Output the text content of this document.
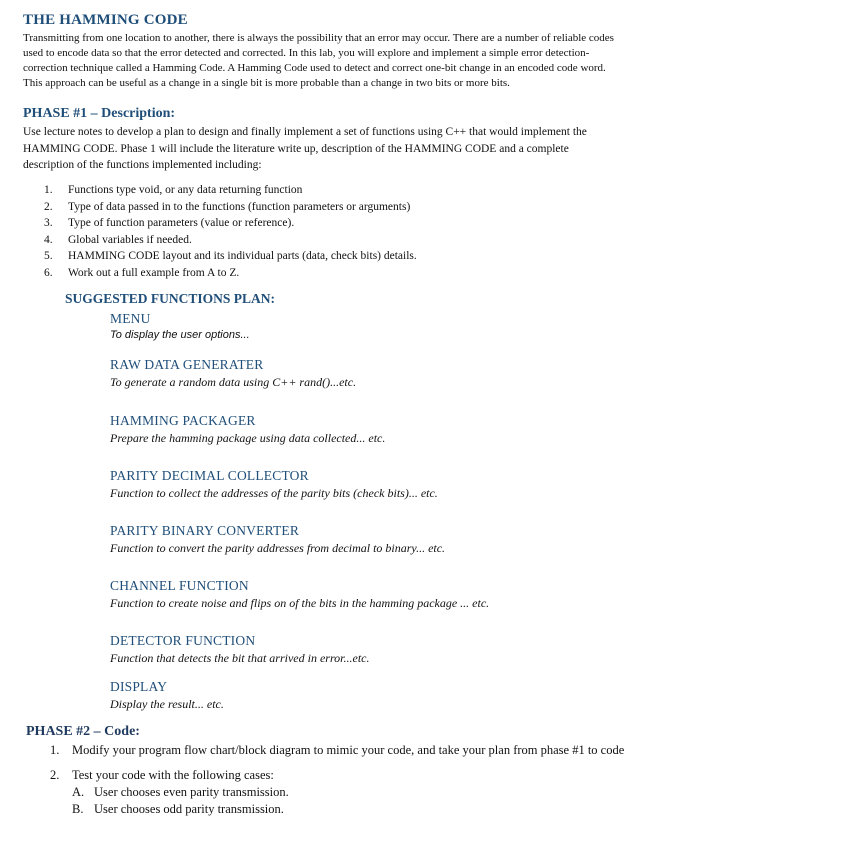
THE HAMMING CODE
Transmitting from one location to another, there is always the possibility that an error may occur. There are a number of reliable codes
used to encode data so that the error detected and corrected. In this lab, you will explore and implement a simple error detection-
correction technique called a Hamming Code. A Hamming Code used to detect and correct one-bit change in an encoded code word.
This approach can be useful as a change in a single bit is more probable than a change in two bits or more bits.
PHASE #1 – Description:
Use lecture notes to develop a plan to design and finally implement a set of functions using C++ that would implement the
HAMMING CODE. Phase 1 will include the literature write up, description of the HAMMING CODE and a complete
description of the functions implemented including:
1. Functions type void, or any data returning function
2. Type of data passed in to the functions (function parameters or arguments)
3. Type of function parameters (value or reference).
4. Global variables if needed.
5. HAMMING CODE layout and its individual parts (data, check bits) details.
6. Work out a full example from A to Z.
SUGGESTED FUNCTIONS PLAN:
MENU
To display the user options...
RAW DATA GENERATER
To generate a random data using C++ rand()...etc.
HAMMING PACKAGER
Prepare the hamming package using data collected... etc.
PARITY DECIMAL COLLECTOR
Function to collect the addresses of the parity bits (check bits)... etc.
PARITY BINARY CONVERTER
Function to convert the parity addresses from decimal to binary... etc.
CHANNEL FUNCTION
Function to create noise and flips on of the bits in the hamming package ... etc.
DETECTOR FUNCTION
Function that detects the bit that arrived in error...etc.
DISPLAY
Display the result... etc.
PHASE #2 – Code:
1. Modify your program flow chart/block diagram to mimic your code, and take your plan from phase #1 to code
2. Test your code with the following cases:
A. User chooses even parity transmission.
B. User chooses odd parity transmission.
